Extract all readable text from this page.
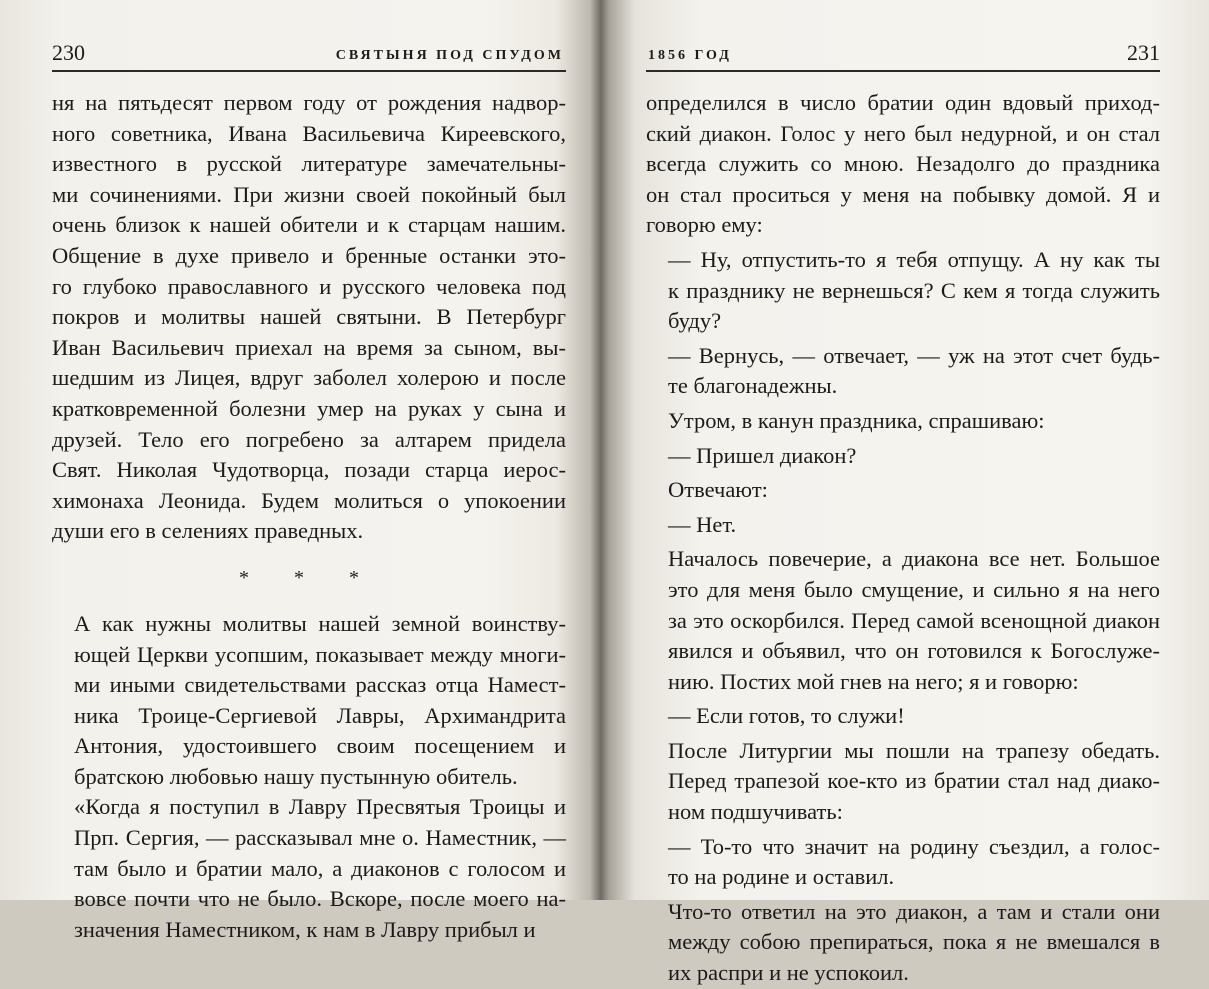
230	СВЯТЫНЯ ПОД СПУДОМ

ня на пятьдесят первом году от рождения надвор-
ного советника, Ивана Васильевича Киреевского,
известного в русской литературе замечательны-
ми сочинениями. При жизни своей покойный был
очень близок к нашей обители и к старцам нашим.
Общение в духе привело и бренные останки это-
го глубоко православного и русского человека под
покров и молитвы нашей святыни. В Петербург
Иван Васильевич приехал на время за сыном, вы-
шедшим из Лицея, вдруг заболел холерою и после
кратковременной болезни умер на руках у сына и
друзей. Тело его погребено за алтарем придела
Свят. Николая Чудотворца, позади старца иерос-
химонаха Леонида. Будем молиться о упокоении
души его в селениях праведных.

* * *

А как нужны молитвы нашей земной воинству-
ющей Церкви усопшим, показывает между многи-
ми иными свидетельствами рассказ отца Намест-
ника Троице-Сергиевой Лавры, Архимандрита
Антония, удостоившего своим посещением и
братскою любовью нашу пустынную обитель.

«Когда я поступил в Лавру Пресвятыя Троицы и
Прп. Сергия, — рассказывал мне о. Наместник, —
там было и братии мало, а диаконов с голосом и
вовсе почти что не было. Вскоре, после моего на-
значения Наместником, к нам в Лавру прибыл и

1856 ГОД	231

определился в число братии один вдовый приход-
ский диакон. Голос у него был недурной, и он стал
всегда служить со мною. Незадолго до праздника
он стал проситься у меня на побывку домой. Я и
говорю ему:

— Ну, отпустить-то я тебя отпущу. А ну как ты
к празднику не вернешься? С кем я тогда служить
буду?

— Вернусь, — отвечает, — уж на этот счет будь-
те благонадежны.

Утром, в канун праздника, спрашиваю:

— Пришел диакон?

Отвечают:

— Нет.

Началось повечерие, а диакона все нет. Большое
это для меня было смущение, и сильно я на него
за это оскорбился. Перед самой всенощной диакон
явился и объявил, что он готовился к Богослуже-
нию. Постих мой гнев на него; я и говорю:

— Если готов, то служи!

После Литургии мы пошли на трапезу обедать.
Перед трапезой кое-кто из братии стал над диако-
ном подшучивать:

— То-то что значит на родину съездил, а голос-
то на родине и оставил.

Что-то ответил на это диакон, а там и стали они
между собою препираться, пока я не вмешался в
их распри и не успокоил.
